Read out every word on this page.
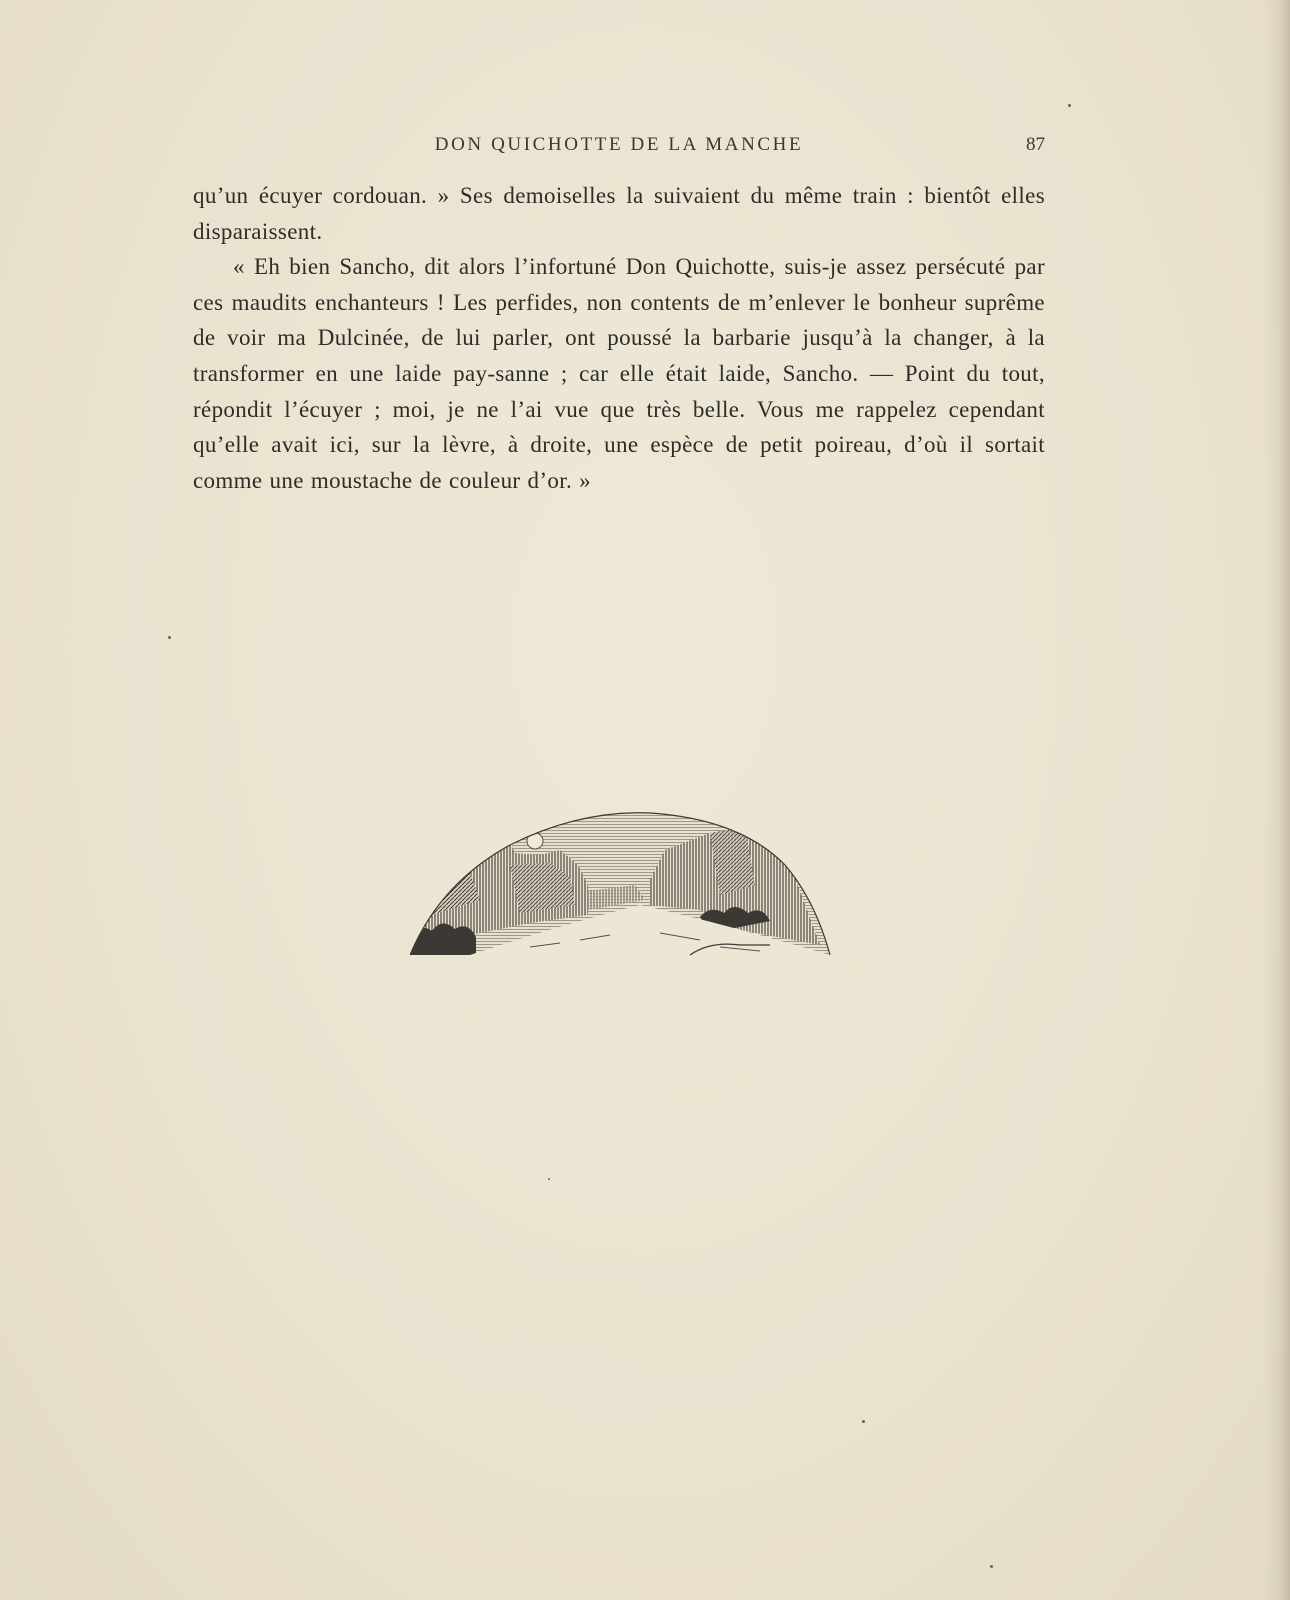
DON QUICHOTTE DE LA MANCHE	87

qu’un écuyer cordouan. » Ses demoiselles la suivaient du même train : bientôt elles disparaissent.

« Eh bien Sancho, dit alors l’infortuné Don Quichotte, suis-je assez persécuté par ces maudits enchanteurs ! Les perfides, non contents de m’enlever le bonheur suprême de voir ma Dulcinée, de lui parler, ont poussé la barbarie jusqu’à la changer, à la transformer en une laide pay-sanne ; car elle était laide, Sancho. — Point du tout, répondit l’écuyer ; moi, je ne l’ai vue que très belle. Vous me rappelez cependant qu’elle avait ici, sur la lèvre, à droite, une espèce de petit poireau, d’où il sortait comme une moustache de couleur d’or. »
